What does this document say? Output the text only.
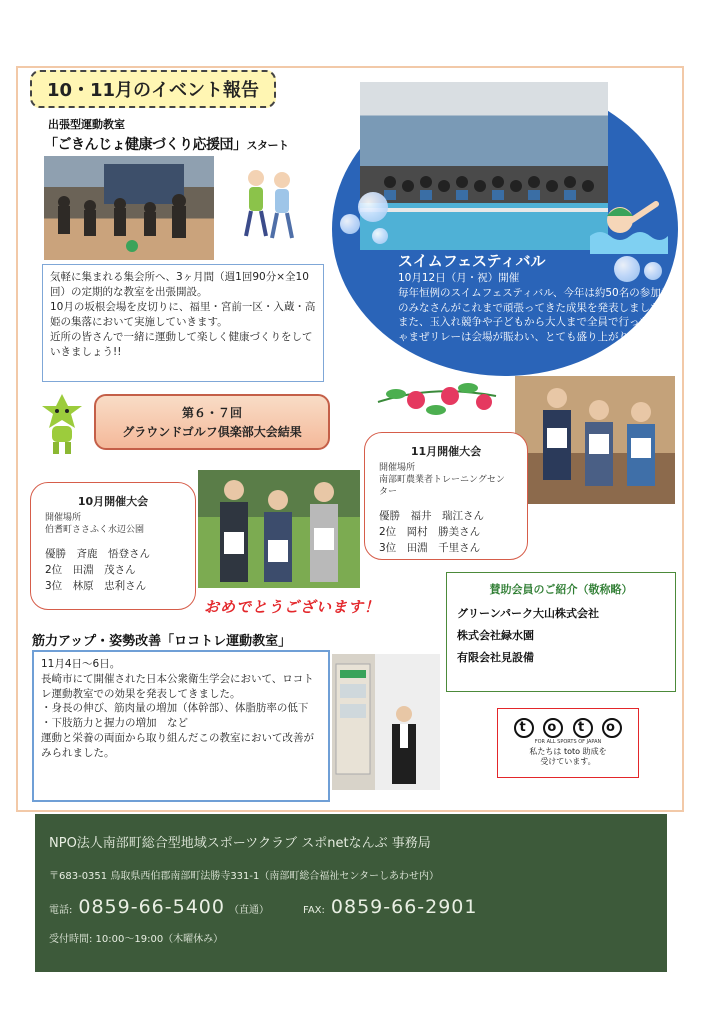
10・11月のイベント報告
出張型運動教室
「ごきんじょ健康づくり応援団」スタート
気軽に集まれる集会所へ、3ヶ月間（週1回90分×全10回）の定期的な教室を出張開設。
10月の坂根会場を皮切りに、福里・宮前一区・入蔵・高姫の集落において実施していきます。
近所の皆さんで一緒に運動して楽しく健康づくりをしていきましょう!!
スイムフェスティバル
10月12日（月・祝）開催
毎年恒例のスイムフェスティバル、今年は約50名の参加者のみなさんがこれまで頑張ってきた成果を発表しました。また、玉入れ競争や子どもから大人まで全員で行ったごちゃまぜリレーは会場が賑わい、とても盛り上がりました。
第６・７回
グラウンドゴルフ倶楽部大会結果
10月開催大会
開催場所
伯耆町ささふく水辺公園
優勝　斉鹿　悟登さん
2位　田淵　茂さん
3位　林原　忠利さん
11月開催大会
開催場所
南部町農業者トレーニングセンター
優勝　福井　瑞江さん
2位　岡村　勝美さん
3位　田淵　千里さん
おめでとうございます！
賛助会員のご紹介（敬称略）
グリーンパーク大山株式会社
株式会社緑水園
有限会社見設備
t o t o
FOR ALL SPORTS OF JAPAN
私たちは toto 助成を
受けています。
筋力アップ・姿勢改善「ロコトレ運動教室」
11月4日～6日。
長崎市にて開催された日本公衆衛生学会において、ロコトレ運動教室での効果を発表してきました。
・身長の伸び、筋肉量の増加（体幹部）、体脂肪率の低下
・下肢筋力と握力の増加　など
運動と栄養の両面から取り組んだこの教室において改善がみられました。
NPO法人南部町総合型地域スポーツクラブ スポnetなんぶ 事務局
〒683-0351 鳥取県西伯郡南部町法勝寺331-1（南部町総合福祉センターしあわせ内）
電話: 0859-66-5400 （直通）	FAX: 0859-66-2901
受付時間: 10:00～19:00（木曜休み）
